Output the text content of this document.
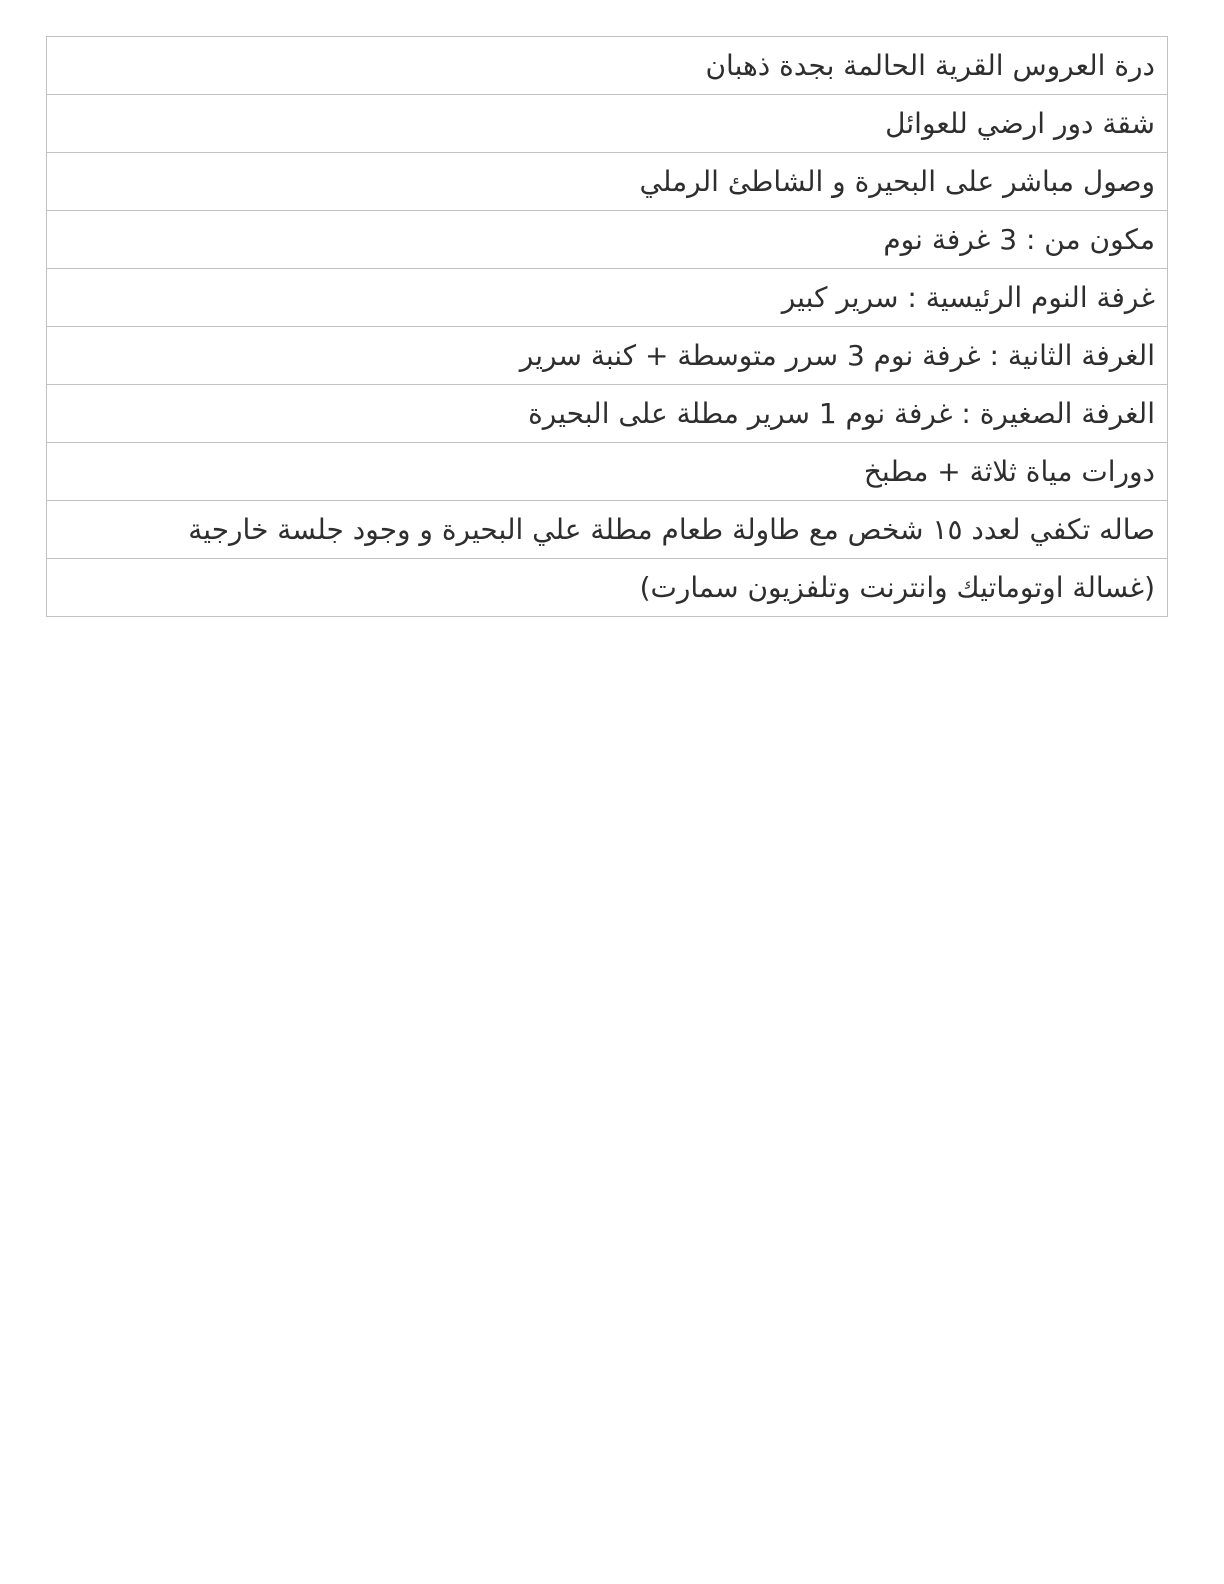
درة العروس القرية الحالمة بجدة ذهبان
شقة دور ارضي للعوائل
وصول مباشر على البحيرة و الشاطئ الرملي
مكون من : 3 غرفة نوم
غرفة النوم الرئيسية : سرير كبير
الغرفة الثانية : غرفة نوم 3 سرر متوسطة + كنبة سرير
الغرفة الصغيرة : غرفة نوم 1 سرير مطلة على البحيرة
دورات مياة ثلاثة + مطبخ
صاله تكفي لعدد ١٥ شخص مع طاولة طعام مطلة علي البحيرة و وجود جلسة خارجية
(غسالة اوتوماتيك وانترنت وتلفزيون سمارت)
